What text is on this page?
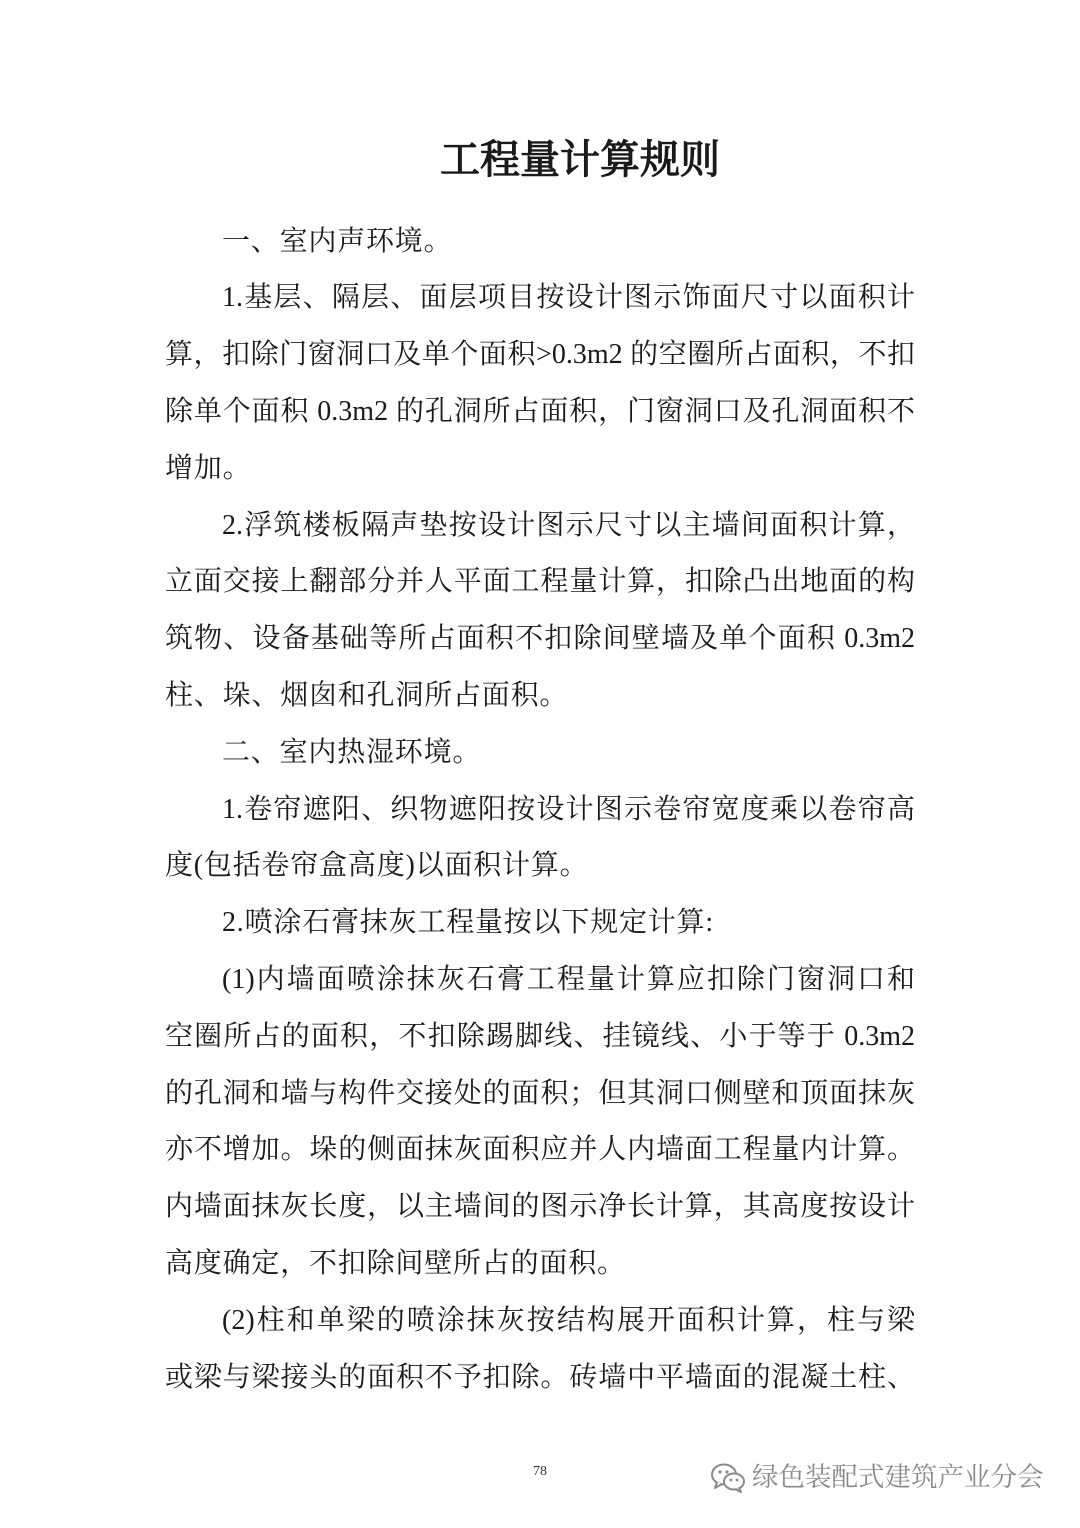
工程量计算规则
一、室内声环境。
1.基层、隔层、面层项目按设计图示饰面尺寸以面积计
算，扣除门窗洞口及单个面积>0.3m2 的空圈所占面积，不扣
除单个面积 0.3m2 的孔洞所占面积，门窗洞口及孔洞面积不
增加。
2.浮筑楼板隔声垫按设计图示尺寸以主墙间面积计算，
立面交接上翻部分并人平面工程量计算，扣除凸出地面的构
筑物、设备基础等所占面积不扣除间壁墙及单个面积 0.3m2
柱、垛、烟囱和孔洞所占面积。
二、室内热湿环境。
1.卷帘遮阳、织物遮阳按设计图示卷帘宽度乘以卷帘高
度(包括卷帘盒高度)以面积计算。
2.喷涂石膏抹灰工程量按以下规定计算:
(1)内墙面喷涂抹灰石膏工程量计算应扣除门窗洞口和
空圈所占的面积，不扣除踢脚线、挂镜线、小于等于 0.3m2
的孔洞和墙与构件交接处的面积；但其洞口侧壁和顶面抹灰
亦不增加。垛的侧面抹灰面积应并人内墙面工程量内计算。
内墙面抹灰长度，以主墙间的图示净长计算，其高度按设计
高度确定，不扣除间壁所占的面积。
(2)柱和单梁的喷涂抹灰按结构展开面积计算，柱与梁
或梁与梁接头的面积不予扣除。砖墙中平墙面的混凝土柱、
78	绿色装配式建筑产业分会
